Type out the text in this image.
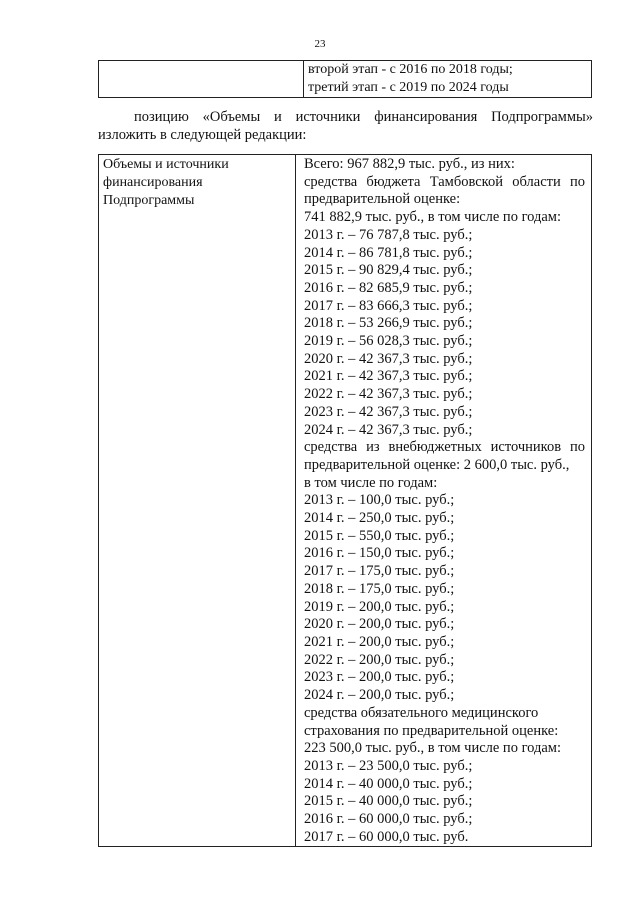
23

второй этап - с 2016 по 2018 годы;
третий этап - с 2019 по 2024 годы
позицию «Объемы и источники финансирования Подпрограммы»
изложить в следующей редакции:
Объемы и источники
финансирования
Подпрограммы

Всего: 967 882,9 тыс. руб., из них:
средства бюджета Тамбовской области по
предварительной оценке:
741 882,9 тыс. руб., в том числе по годам:
2013 г. – 76 787,8 тыс. руб.;
2014 г. – 86 781,8 тыс. руб.;
2015 г. – 90 829,4 тыс. руб.;
2016 г. – 82 685,9 тыс. руб.;
2017 г. – 83 666,3 тыс. руб.;
2018 г. – 53 266,9 тыс. руб.;
2019 г. – 56 028,3 тыс. руб.;
2020 г. – 42 367,3 тыс. руб.;
2021 г. – 42 367,3 тыс. руб.;
2022 г. – 42 367,3 тыс. руб.;
2023 г. – 42 367,3 тыс. руб.;
2024 г. – 42 367,3 тыс. руб.;
средства из внебюджетных источников по
предварительной оценке: 2 600,0 тыс. руб.,
в том числе по годам:
2013 г. – 100,0 тыс. руб.;
2014 г. – 250,0 тыс. руб.;
2015 г. – 550,0 тыс. руб.;
2016 г. – 150,0 тыс. руб.;
2017 г. – 175,0 тыс. руб.;
2018 г. – 175,0 тыс. руб.;
2019 г. – 200,0 тыс. руб.;
2020 г. – 200,0 тыс. руб.;
2021 г. – 200,0 тыс. руб.;
2022 г. – 200,0 тыс. руб.;
2023 г. – 200,0 тыс. руб.;
2024 г. – 200,0 тыс. руб.;
средства обязательного медицинского
страхования по предварительной оценке:
223 500,0 тыс. руб., в том числе по годам:
2013 г. – 23 500,0 тыс. руб.;
2014 г. – 40 000,0 тыс. руб.;
2015 г. – 40 000,0 тыс. руб.;
2016 г. – 60 000,0 тыс. руб.;
2017 г. – 60 000,0 тыс. руб.
